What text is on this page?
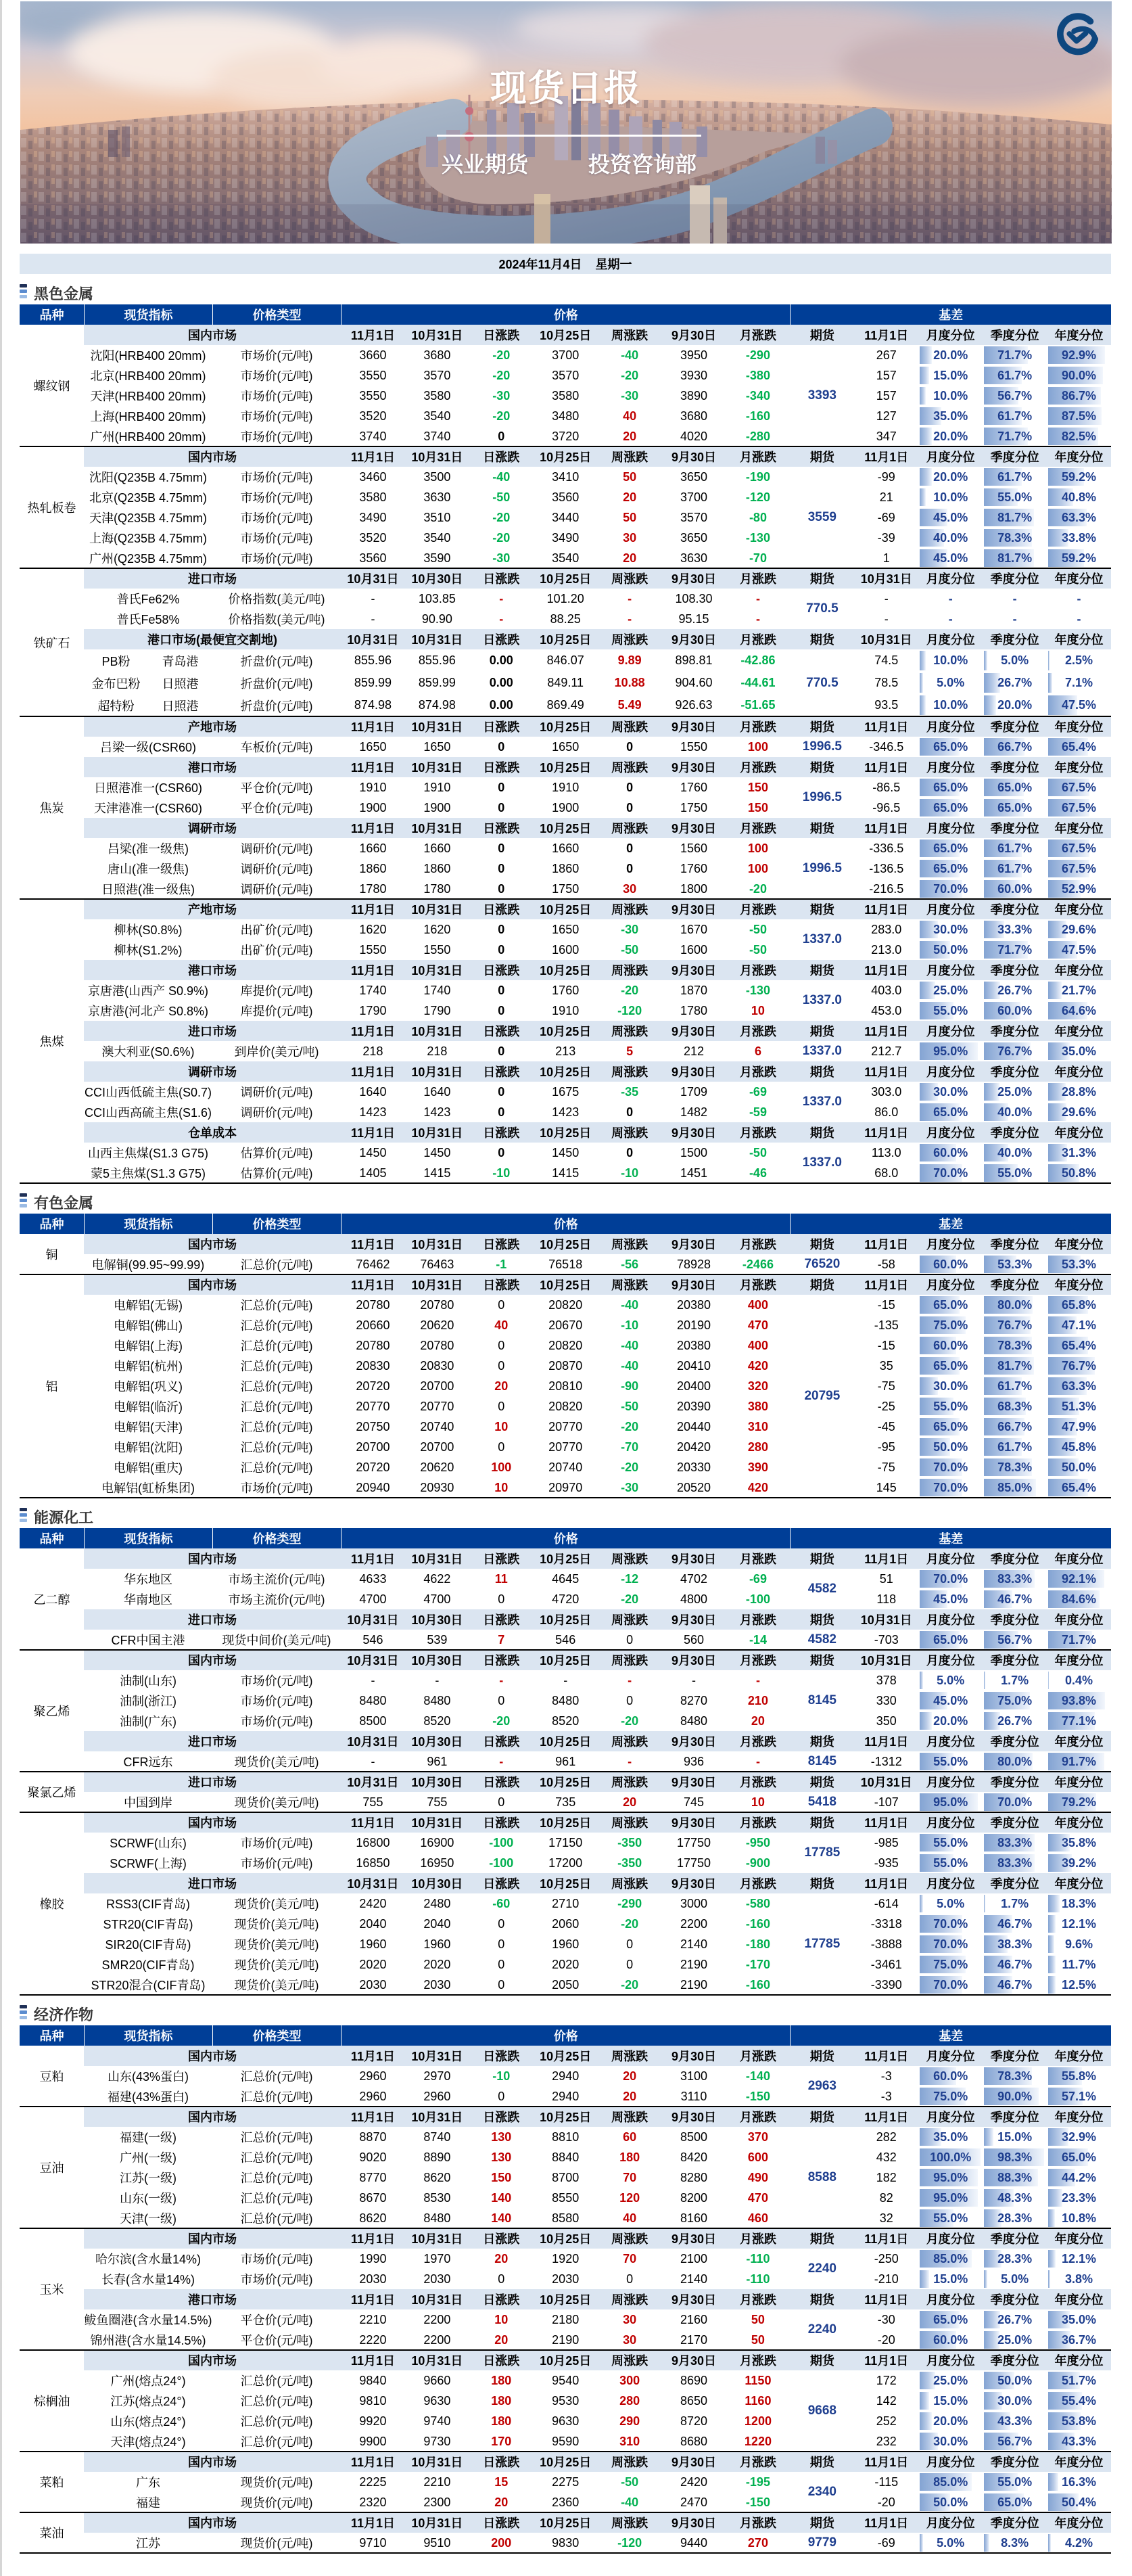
现货日报
兴业期货	投资咨询部
2024年11月4日 星期一
黑色金属
品种	现货指标	价格类型	价格	基差
螺纹钢
国内市场	11月1日	10月31日	日涨跌	10月25日	周涨跌	9月30日	月涨跌	期货	11月1日	月度分位	季度分位	年度分位
沈阳(HRB400 20mm)	市场价(元/吨)	3660	3680	-20	3700	-40	3950	-290	267	20.0% 71.7% 92.9%
北京(HRB400 20mm)	市场价(元/吨)	3550	3570	-20	3570	-20	3930	-380	157	15.0% 61.7% 90.0%
天津(HRB400 20mm)	市场价(元/吨)	3550	3580	-30	3580	-30	3890	-340	157	10.0% 56.7% 86.7%
上海(HRB400 20mm)	市场价(元/吨)	3520	3540	-20	3480	40	3680	-160	127	35.0% 61.7% 87.5%
广州(HRB400 20mm)	市场价(元/吨)	3740	3740	0	3720	20	4020	-280	347	20.0% 71.7% 82.5%
3393
热轧板卷
国内市场	11月1日	10月31日	日涨跌	10月25日	周涨跌	9月30日	月涨跌	期货	11月1日	月度分位	季度分位	年度分位
沈阳(Q235B 4.75mm)	市场价(元/吨)	3460	3500	-40	3410	50	3650	-190	-99	20.0% 61.7% 59.2%
北京(Q235B 4.75mm)	市场价(元/吨)	3580	3630	-50	3560	20	3700	-120	21	10.0% 55.0% 40.8%
天津(Q235B 4.75mm)	市场价(元/吨)	3490	3510	-20	3440	50	3570	-80	-69	45.0% 81.7% 63.3%
上海(Q235B 4.75mm)	市场价(元/吨)	3520	3540	-20	3490	30	3650	-130	-39	40.0% 78.3% 33.8%
广州(Q235B 4.75mm)	市场价(元/吨)	3560	3590	-30	3540	20	3630	-70	1	45.0% 81.7% 59.2%
3559
铁矿石
进口市场	10月31日	10月30日	日涨跌	10月25日	周涨跌	9月30日	月涨跌	期货	10月31日	月度分位	季度分位	年度分位
普氏Fe62%	价格指数(美元/吨)	-	103.85	-	101.20	-	108.30	-	-	-	-	-
普氏Fe58%	价格指数(美元/吨)	-	90.90	-	88.25	-	95.15	-	-	-	-	-
770.5
港口市场(最便宜交割地)	10月31日	10月31日	日涨跌	10月25日	周涨跌	9月30日	月涨跌	期货	10月31日	月度分位	季度分位	年度分位
PB粉	青岛港	折盘价(元/吨)	855.96	855.96	0.00	846.07	9.89	898.81	-42.86	74.5	10.0%	5.0%	2.5%
金布巴粉	日照港	折盘价(元/吨)	859.99	859.99	0.00	849.11	10.88	904.60	-44.61	78.5	5.0%	26.7%	7.1%
超特粉	日照港	折盘价(元/吨)	874.98	874.98	0.00	869.49	5.49	926.63	-51.65	93.5	10.0% 20.0% 47.5%
770.5
焦炭
产地市场	11月1日	10月31日	日涨跌	10月25日	周涨跌	9月30日	月涨跌	期货	11月1日	月度分位	季度分位	年度分位
吕梁一级(CSR60)	车板价(元/吨)	1650	1650	0	1650	0	1550	100	-346.5	65.0% 66.7% 65.4%
1996.5
港口市场	11月1日	10月31日	日涨跌	10月25日	周涨跌	9月30日	月涨跌	期货	11月1日	月度分位	季度分位	年度分位
日照港准一(CSR60)	平仓价(元/吨)	1910	1910	0	1910	0	1760	150	-86.5	65.0% 65.0% 67.5%
天津港准一(CSR60)	平仓价(元/吨)	1900	1900	0	1900	0	1750	150	-96.5	65.0% 65.0% 67.5%
1996.5
调研市场	11月1日	10月31日	日涨跌	10月25日	周涨跌	9月30日	月涨跌	期货	11月1日	月度分位	季度分位	年度分位
吕梁(准一级焦)	调研价(元/吨)	1660	1660	0	1660	0	1560	100	-336.5	65.0% 61.7% 67.5%
唐山(准一级焦)	调研价(元/吨)	1860	1860	0	1860	0	1760	100	-136.5	65.0% 61.7% 67.5%
日照港(准一级焦)	调研价(元/吨)	1780	1780	0	1750	30	1800	-20	-216.5	70.0% 60.0% 52.9%
1996.5
焦煤
产地市场	11月1日	10月31日	日涨跌	10月25日	周涨跌	9月30日	月涨跌	期货	11月1日	月度分位	季度分位	年度分位
柳林(S0.8%)	出矿价(元/吨)	1620	1620	0	1650	-30	1670	-50	283.0	30.0% 33.3% 29.6%
柳林(S1.2%)	出矿价(元/吨)	1550	1550	0	1600	-50	1600	-50	213.0	50.0% 71.7% 47.5%
1337.0
港口市场	11月1日	10月31日	日涨跌	10月25日	周涨跌	9月30日	月涨跌	期货	11月1日	月度分位	季度分位	年度分位
京唐港(山西产 S0.9%)	库提价(元/吨)	1740	1740	0	1760	-20	1870	-130	403.0	25.0% 26.7% 21.7%
京唐港(河北产 S0.8%)	库提价(元/吨)	1790	1790	0	1910	-120	1780	10	453.0	55.0% 60.0% 64.6%
1337.0
进口市场	11月1日	10月31日	日涨跌	10月25日	周涨跌	9月30日	月涨跌	期货	11月1日	月度分位	季度分位	年度分位
澳大利亚(S0.6%)	到岸价(美元/吨)	218	218	0	213	5	212	6	212.7	95.0% 76.7% 35.0%
1337.0
调研市场	11月1日	10月31日	日涨跌	10月25日	周涨跌	9月30日	月涨跌	期货	11月1日	月度分位	季度分位	年度分位
CCI山西低硫主焦(S0.7)	调研价(元/吨)	1640	1640	0	1675	-35	1709	-69	303.0	30.0% 25.0% 28.8%
CCI山西高硫主焦(S1.6)	调研价(元/吨)	1423	1423	0	1423	0	1482	-59	86.0	65.0% 40.0% 29.6%
1337.0
仓单成本	11月1日	10月31日	日涨跌	10月25日	周涨跌	9月30日	月涨跌	期货	11月1日	月度分位	季度分位	年度分位
山西主焦煤(S1.3 G75)	估算价(元/吨)	1450	1450	0	1450	0	1500	-50	113.0	60.0% 40.0% 31.3%
蒙5主焦煤(S1.3 G75)	估算价(元/吨)	1405	1415	-10	1415	-10	1451	-46	68.0	70.0% 55.0% 50.8%
1337.0
有色金属
品种	现货指标	价格类型	价格	基差
铜
国内市场	11月1日	10月31日	日涨跌	10月25日	周涨跌	9月30日	月涨跌	期货	11月1日	月度分位	季度分位	年度分位
电解铜(99.95~99.99)	汇总价(元/吨)	76462	76463	-1	76518	-56	78928	-2466	-58	60.0% 53.3% 53.3%
76520
铝
国内市场	11月1日	10月31日	日涨跌	10月25日	周涨跌	9月30日	月涨跌	期货	11月1日	月度分位	季度分位	年度分位
电解铝(无锡)	汇总价(元/吨)	20780	20780	0	20820	-40	20380	400	-15	65.0% 80.0% 65.8%
电解铝(佛山)	汇总价(元/吨)	20660	20620	40	20670	-10	20190	470	-135	75.0% 76.7% 47.1%
电解铝(上海)	汇总价(元/吨)	20780	20780	0	20820	-40	20380	400	-15	60.0% 78.3% 65.4%
电解铝(杭州)	汇总价(元/吨)	20830	20830	0	20870	-40	20410	420	35	65.0% 81.7% 76.7%
电解铝(巩义)	汇总价(元/吨)	20720	20700	20	20810	-90	20400	320	-75	30.0% 61.7% 63.3%
电解铝(临沂)	汇总价(元/吨)	20770	20770	0	20820	-50	20390	380	-25	55.0% 68.3% 51.3%
电解铝(天津)	汇总价(元/吨)	20750	20740	10	20770	-20	20440	310	-45	65.0% 66.7% 47.9%
电解铝(沈阳)	汇总价(元/吨)	20700	20700	0	20770	-70	20420	280	-95	50.0% 61.7% 45.8%
电解铝(重庆)	汇总价(元/吨)	20720	20620	100	20740	-20	20330	390	-75	70.0% 78.3% 50.0%
电解铝(虹桥集团)	市场价(元/吨)	20940	20930	10	20970	-30	20520	420	145	70.0% 85.0% 65.4%
20795
能源化工
品种	现货指标	价格类型	价格	基差
乙二醇
国内市场	11月1日	10月31日	日涨跌	10月25日	周涨跌	9月30日	月涨跌	期货	11月1日	月度分位	季度分位	年度分位
华东地区	市场主流价(元/吨)	4633	4622	11	4645	-12	4702	-69	51	70.0% 83.3% 92.1%
华南地区	市场主流价(元/吨)	4700	4700	0	4720	-20	4800	-100	118	45.0% 46.7% 84.6%
4582
进口市场	10月31日	10月30日	日涨跌	10月25日	周涨跌	9月30日	月涨跌	期货	10月31日	月度分位	季度分位	年度分位
CFR中国主港	现货中间价(美元/吨)	546	539	7	546	0	560	-14	-703	65.0% 56.7% 71.7%
4582
聚乙烯
国内市场	10月31日	10月30日	日涨跌	10月25日	周涨跌	9月30日	月涨跌	期货	10月31日	月度分位	季度分位	年度分位
油制(山东)	市场价(元/吨)	-	-	-	-	-	-	-	378	5.0%	1.7%	0.4%
油制(浙江)	市场价(元/吨)	8480	8480	0	8480	0	8270	210	330	45.0% 75.0% 93.8%
油制(广东)	市场价(元/吨)	8500	8520	-20	8520	-20	8480	20	350	20.0% 26.7% 77.1%
8145
进口市场	10月31日	10月30日	日涨跌	10月25日	周涨跌	9月30日	月涨跌	期货	11月1日	月度分位	季度分位	年度分位
CFR远东	现货价(美元/吨)	-	961	-	961	-	936	-	-1312	55.0% 80.0% 91.7%
8145
聚氯乙烯
进口市场	10月31日	10月30日	日涨跌	10月25日	周涨跌	9月30日	月涨跌	期货	10月31日	月度分位	季度分位	年度分位
中国到岸	现货价(美元/吨)	755	755	0	735	20	745	10	-107	95.0% 70.0% 79.2%
5418
橡胶
国内市场	11月1日	10月31日	日涨跌	10月25日	周涨跌	9月30日	月涨跌	期货	11月1日	月度分位	季度分位	年度分位
SCRWF(山东)	市场价(元/吨)	16800	16900	-100	17150	-350	17750	-950	-985	55.0% 83.3% 35.8%
SCRWF(上海)	市场价(元/吨)	16850	16950	-100	17200	-350	17750	-900	-935	55.0% 83.3% 39.2%
17785
进口市场	10月31日	10月30日	日涨跌	10月25日	周涨跌	9月30日	月涨跌	期货	11月1日	月度分位	季度分位	年度分位
RSS3(CIF青岛)	现货价(美元/吨)	2420	2480	-60	2710	-290	3000	-580	-614	5.0%	1.7%	18.3%
STR20(CIF青岛)	现货价(美元/吨)	2040	2040	0	2060	-20	2200	-160	-3318	70.0% 46.7% 12.1%
SIR20(CIF青岛)	现货价(美元/吨)	1960	1960	0	1960	0	2140	-180	-3888	70.0% 38.3%	9.6%
SMR20(CIF青岛)	现货价(美元/吨)	2020	2020	0	2020	0	2190	-170	-3461	75.0% 46.7% 11.7%
STR20混合(CIF青岛)	现货价(美元/吨)	2030	2030	0	2050	-20	2190	-160	-3390	70.0% 46.7% 12.5%
17785
经济作物
品种	现货指标	价格类型	价格	基差
豆粕
国内市场	11月1日	10月31日	日涨跌	10月25日	周涨跌	9月30日	月涨跌	期货	11月1日	月度分位	季度分位	年度分位
山东(43%蛋白)	汇总价(元/吨)	2960	2970	-10	2940	20	3100	-140	-3	60.0% 78.3% 55.8%
福建(43%蛋白)	汇总价(元/吨)	2960	2960	0	2940	20	3110	-150	-3	75.0% 90.0% 57.1%
2963
豆油
国内市场	11月1日	10月31日	日涨跌	10月25日	周涨跌	9月30日	月涨跌	期货	11月1日	月度分位	季度分位	年度分位
福建(一级)	汇总价(元/吨)	8870	8740	130	8810	60	8500	370	282	35.0% 15.0% 32.9%
广州(一级)	汇总价(元/吨)	9020	8890	130	8840	180	8420	600	432	100.0% 98.3% 65.0%
江苏(一级)	汇总价(元/吨)	8770	8620	150	8700	70	8280	490	182	95.0% 88.3% 44.2%
山东(一级)	汇总价(元/吨)	8670	8530	140	8550	120	8200	470	82	95.0% 48.3% 23.3%
天津(一级)	汇总价(元/吨)	8620	8480	140	8580	40	8160	460	32	55.0% 28.3% 10.8%
8588
玉米
国内市场	11月1日	10月31日	日涨跌	10月25日	周涨跌	9月30日	月涨跌	期货	11月1日	月度分位	季度分位	年度分位
哈尔滨(含水量14%)	市场价(元/吨)	1990	1970	20	1920	70	2100	-110	-250	85.0% 28.3% 12.1%
长春(含水量14%)	市场价(元/吨)	2030	2030	0	2030	0	2140	-110	-210	15.0%	5.0%	3.8%
2240
港口市场	11月1日	10月31日	日涨跌	10月25日	周涨跌	9月30日	月涨跌	期货	11月1日	月度分位	季度分位	年度分位
鲅鱼圈港(含水量14.5%)	平仓价(元/吨)	2210	2200	10	2180	30	2160	50	-30	65.0% 26.7% 35.0%
锦州港(含水量14.5%)	平仓价(元/吨)	2220	2200	20	2190	30	2170	50	-20	60.0% 25.0% 36.7%
2240
棕榈油
国内市场	11月1日	10月31日	日涨跌	10月25日	周涨跌	9月30日	月涨跌	期货	11月1日	月度分位	季度分位	年度分位
广州(熔点24°)	汇总价(元/吨)	9840	9660	180	9540	300	8690	1150	172	25.0% 50.0% 51.7%
江苏(熔点24°)	汇总价(元/吨)	9810	9630	180	9530	280	8650	1160	142	15.0% 30.0% 55.4%
山东(熔点24°)	汇总价(元/吨)	9920	9740	180	9630	290	8720	1200	252	20.0% 43.3% 53.8%
天津(熔点24°)	汇总价(元/吨)	9900	9730	170	9590	310	8680	1220	232	30.0% 56.7% 43.3%
9668
菜粕
国内市场	11月1日	10月31日	日涨跌	10月25日	周涨跌	9月30日	月涨跌	期货	11月1日	月度分位	季度分位	年度分位
广东	现货价(元/吨)	2225	2210	15	2275	-50	2420	-195	-115	85.0% 55.0% 16.3%
福建	现货价(元/吨)	2320	2300	20	2360	-40	2470	-150	-20	50.0% 65.0% 50.4%
2340
菜油
国内市场	11月1日	10月31日	日涨跌	10月25日	周涨跌	9月30日	月涨跌	期货	11月1日	月度分位	季度分位	年度分位
江苏	现货价(元/吨)	9710	9510	200	9830	-120	9440	270	-69	5.0%	8.3%	4.2%
9779
